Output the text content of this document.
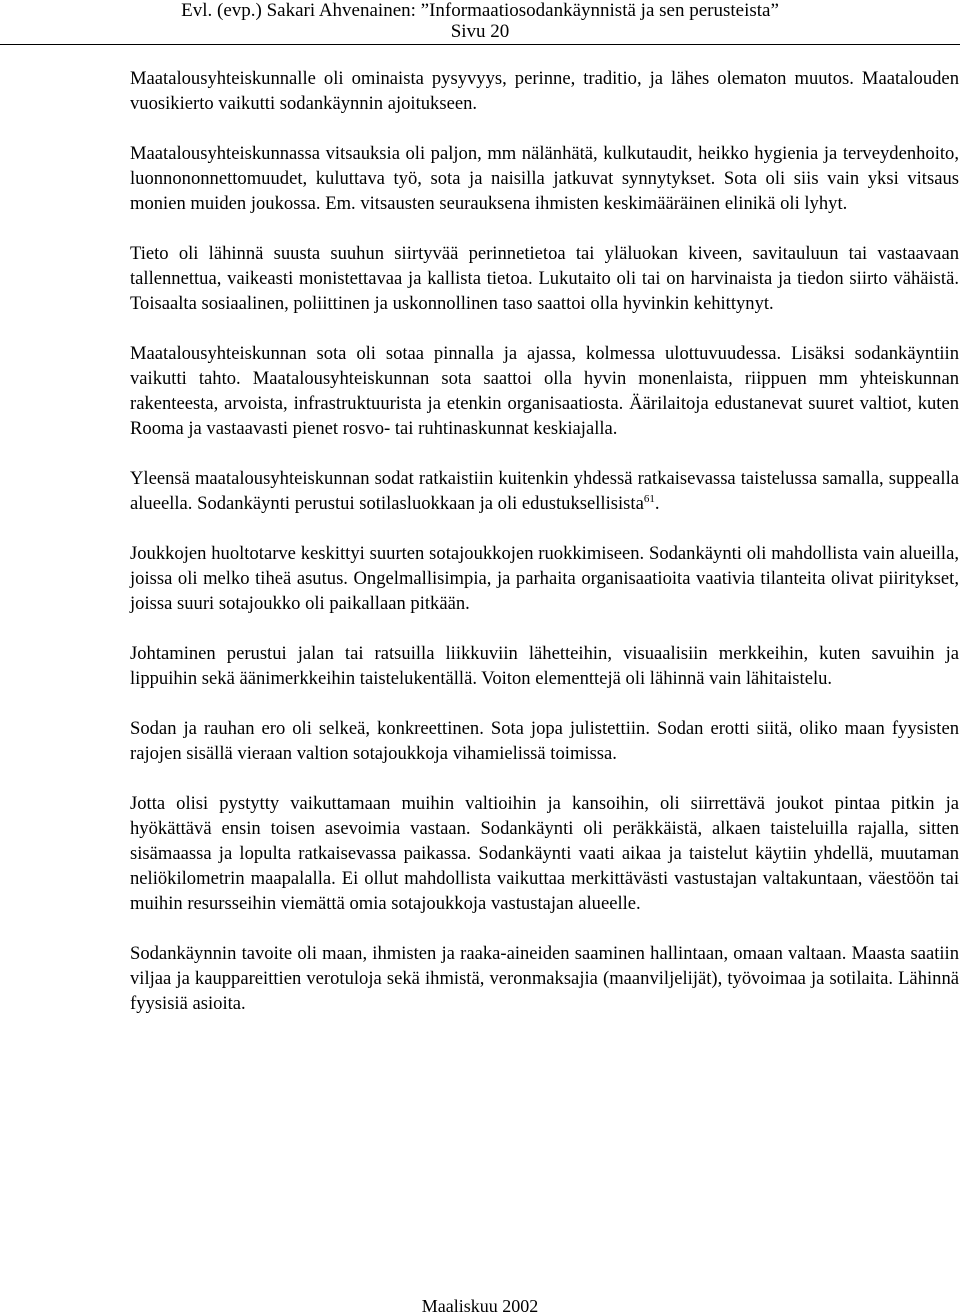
Evl. (evp.) Sakari Ahvenainen: ”Informaatiosodankäynnistä ja sen perusteista”
Sivu 20

Maatalousyhteiskunnalle oli ominaista pysyvyys, perinne, traditio, ja lähes olematon muutos. Maatalouden vuosikierto vaikutti sodankäynnin ajoitukseen.

Maatalousyhteiskunnassa vitsauksia oli paljon, mm nälänhätä, kulkutaudit, heikko hygienia ja terveydenhoito, luonnononnettomuudet, kuluttava työ, sota ja naisilla jatkuvat synnytykset. Sota oli siis vain yksi vitsaus monien muiden joukossa. Em. vitsausten seurauksena ihmisten keskimääräinen elinikä oli lyhyt.

Tieto oli lähinnä suusta suuhun siirtyvää perinnetietoa tai yläluokan kiveen, savitauluun tai vastaavaan tallennettua, vaikeasti monistettavaa ja kallista tietoa. Lukutaito oli tai on harvinaista ja tiedon siirto vähäistä. Toisaalta sosiaalinen, poliittinen ja uskonnollinen taso saattoi olla hyvinkin kehittynyt.

Maatalousyhteiskunnan sota oli sotaa pinnalla ja ajassa, kolmessa ulottuvuudessa. Lisäksi sodankäyntiin vaikutti tahto. Maatalousyhteiskunnan sota saattoi olla hyvin monenlaista, riippuen mm yhteiskunnan rakenteesta, arvoista, infrastruktuurista ja etenkin organisaatiosta. Äärilaitoja edustanevat suuret valtiot, kuten Rooma ja vastaavasti pienet rosvo- tai ruhtinaskunnat keskiajalla.

Yleensä maatalousyhteiskunnan sodat ratkaistiin kuitenkin yhdessä ratkaisevassa taistelussa samalla, suppealla alueella. Sodankäynti perustui sotilasluokkaan ja oli edustuksellisista$^{61}$.

Joukkojen huoltotarve keskittyi suurten sotajoukkojen ruokkimiseen. Sodankäynti oli mahdollista vain alueilla, joissa oli melko tiheä asutus. Ongelmallisimpia, ja parhaita organisaatioita vaativia tilanteita olivat piiritykset, joissa suuri sotajoukko oli paikallaan pitkään.

Johtaminen perustui jalan tai ratsuilla liikkuviin lähetteihin, visuaalisiin merkkeihin, kuten savuihin ja lippuihin sekä äänimerkkeihin taistelukentällä. Voiton elementtejä oli lähinnä vain lähitaistelu.

Sodan ja rauhan ero oli selkeä, konkreettinen. Sota jopa julistettiin. Sodan erotti siitä, oliko maan fyysisten rajojen sisällä vieraan valtion sotajoukkoja vihamielissä toimissa.

Jotta olisi pystytty vaikuttamaan muihin valtioihin ja kansoihin, oli siirrettävä joukot pintaa pitkin ja hyökättävä ensin toisen asevoimia vastaan. Sodankäynti oli peräkkäistä, alkaen taisteluilla rajalla, sitten sisämaassa ja lopulta ratkaisevassa paikassa. Sodankäynti vaati aikaa ja taistelut käytiin yhdellä, muutaman neliökilometrin maapalalla. Ei ollut mahdollista vaikuttaa merkittävästi vastustajan valtakuntaan, väestöön tai muihin resursseihin viemättä omia sotajoukkoja vastustajan alueelle.

Sodankäynnin tavoite oli maan, ihmisten ja raaka-aineiden saaminen hallintaan, omaan valtaan. Maasta saatiin viljaa ja kauppareittien verotuloja sekä ihmistä, veronmaksajia (maanviljelijät), työvoimaa ja sotilaita. Lähinnä fyysisiä asioita.

Maaliskuu 2002
